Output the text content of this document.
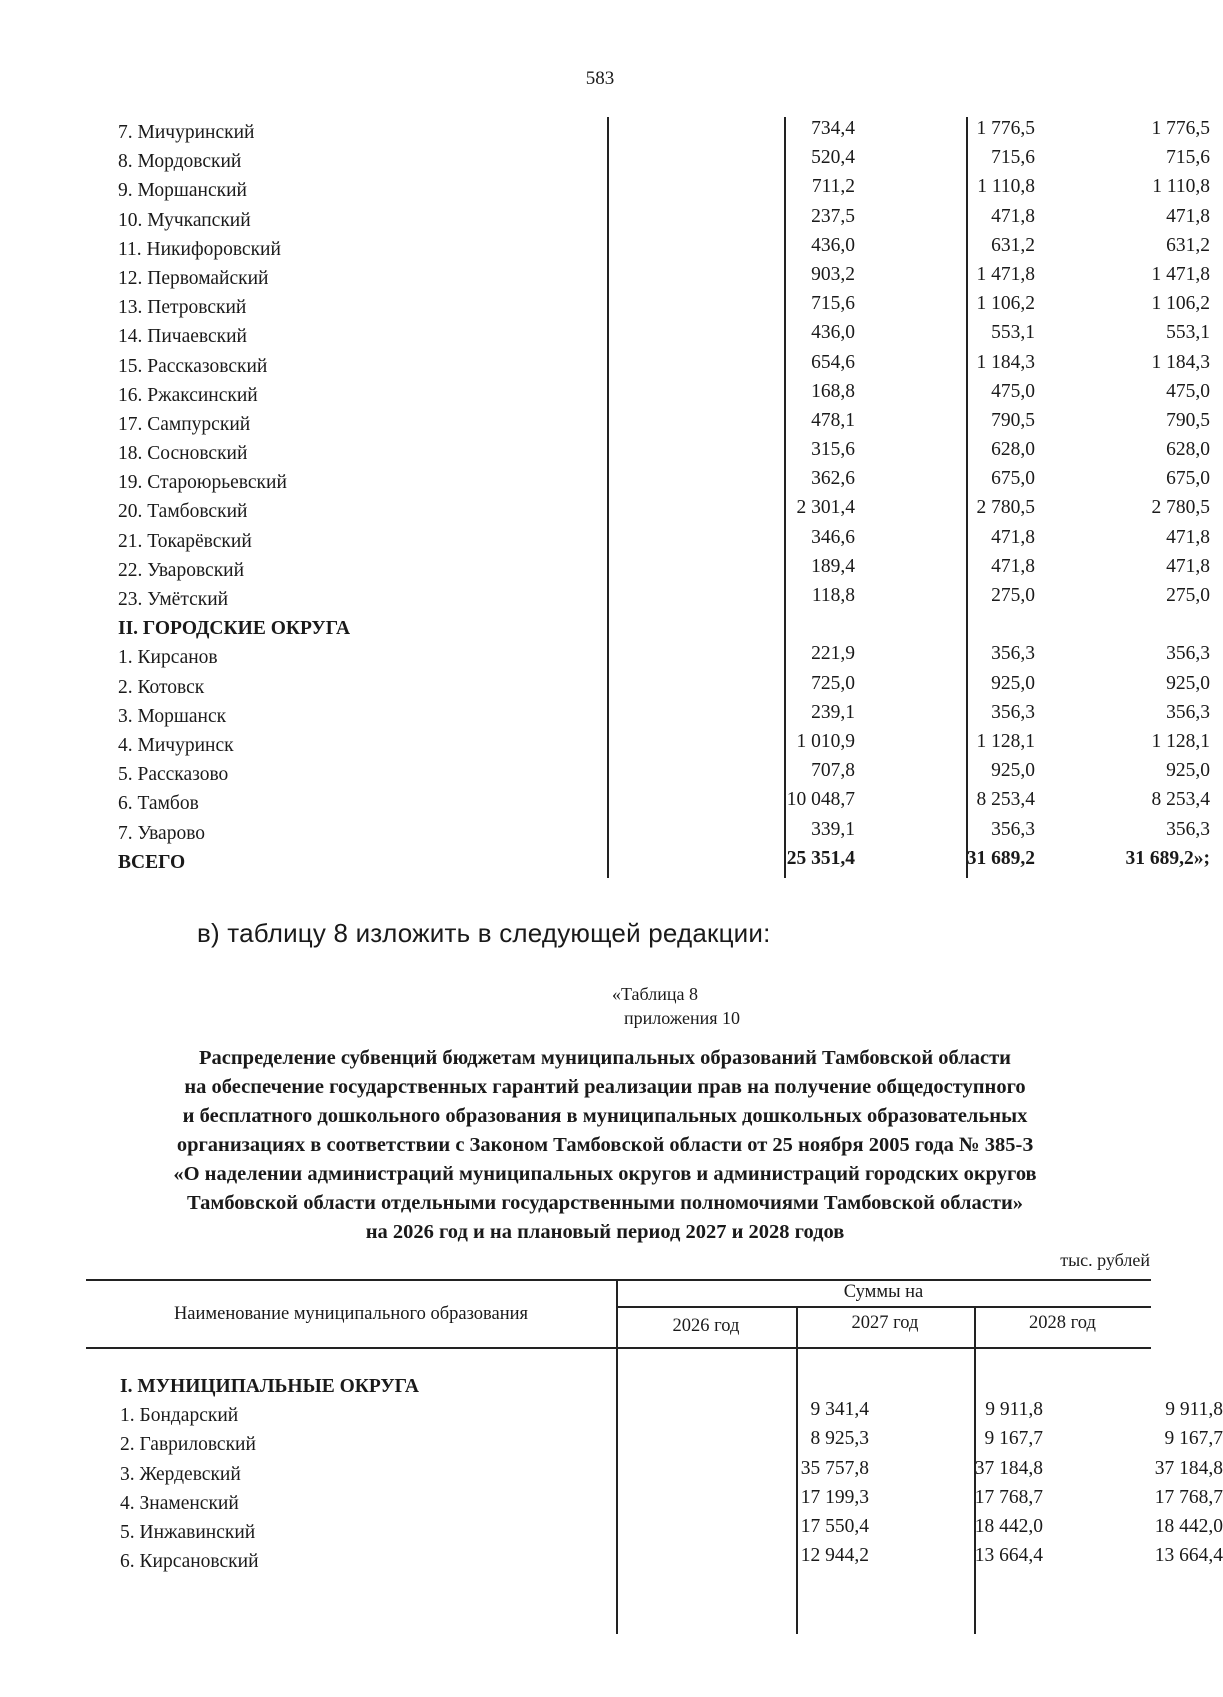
583
7. Мичуринский	734,4	1 776,5	1 776,5
8. Мордовский	520,4	715,6	715,6
9. Моршанский	711,2	1 110,8	1 110,8
10. Мучкапский	237,5	471,8	471,8
11. Никифоровский	436,0	631,2	631,2
12. Первомайский	903,2	1 471,8	1 471,8
13. Петровский	715,6	1 106,2	1 106,2
14. Пичаевский	436,0	553,1	553,1
15. Рассказовский	654,6	1 184,3	1 184,3
16. Ржаксинский	168,8	475,0	475,0
17. Сампурский	478,1	790,5	790,5
18. Сосновский	315,6	628,0	628,0
19. Староюрьевский	362,6	675,0	675,0
20. Тамбовский	2 301,4	2 780,5	2 780,5
21. Токарёвский	346,6	471,8	471,8
22. Уваровский	189,4	471,8	471,8
23. Умётский	118,8	275,0	275,0
II. ГОРОДСКИЕ ОКРУГА
1. Кирсанов	221,9	356,3	356,3
2. Котовск	725,0	925,0	925,0
3. Моршанск	239,1	356,3	356,3
4. Мичуринск	1 010,9	1 128,1	1 128,1
5. Рассказово	707,8	925,0	925,0
6. Тамбов	10 048,7	8 253,4	8 253,4
7. Уварово	339,1	356,3	356,3
ВСЕГО	25 351,4	31 689,2	31 689,2»;
в) таблицу 8 изложить в следующей редакции:
«Таблица 8
приложения 10
Распределение субвенций бюджетам муниципальных образований Тамбовской области
на обеспечение государственных гарантий реализации прав на получение общедоступного
и бесплатного дошкольного образования в муниципальных дошкольных образовательных
организациях в соответствии с Законом Тамбовской области от 25 ноября 2005 года № 385-З
«О наделении администраций муниципальных округов и администраций городских округов
Тамбовской области отдельными государственными полномочиями Тамбовской области»
на 2026 год и на плановый период 2027 и 2028 годов
тыс. рублей
Наименование муниципального образования
Суммы на
2026 год	2027 год	2028 год
I. МУНИЦИПАЛЬНЫЕ ОКРУГА
1. Бондарский	9 341,4	9 911,8	9 911,8
2. Гавриловский	8 925,3	9 167,7	9 167,7
3. Жердевский	35 757,8	37 184,8	37 184,8
4. Знаменский	17 199,3	17 768,7	17 768,7
5. Инжавинский	17 550,4	18 442,0	18 442,0
6. Кирсановский	12 944,2	13 664,4	13 664,4
